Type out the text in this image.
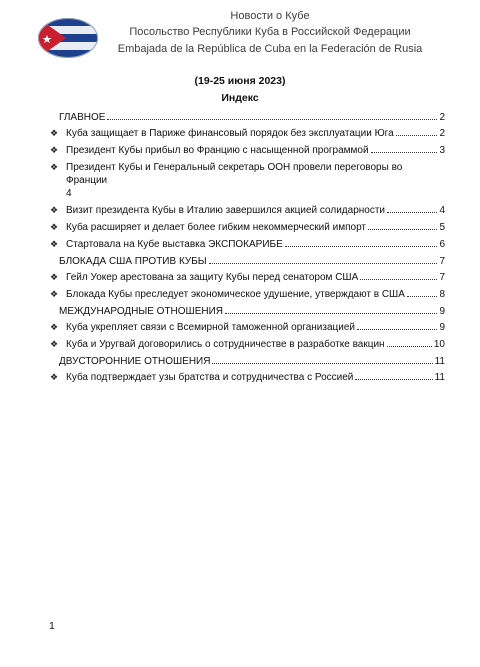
Новости о Кубе
Посольство Республики Куба в Российской Федерации
Embajada de la República de Cuba en la Federación de Rusia
(19-25 июня 2023)
Индекс
ГЛАВНОЕ	2
❖ Куба защищает в Париже финансовый порядок без эксплуатации Юга	2
❖ Президент Кубы прибыл во Францию с насыщенной программой	3
❖ Президент Кубы и Генеральный секретарь ООН провели переговоры во Франции
4
❖ Визит президента Кубы в Италию завершился акцией солидарности	4
❖ Куба расширяет и делает более гибким некоммерческий импорт	5
❖ Стартовала на Кубе выставка ЭКСПОКАРИБЕ	6
БЛОКАДА США ПРОТИВ КУБЫ	7
❖ Гейл Уокер арестована за защиту Кубы перед сенатором США	7
❖ Блокада Кубы преследует экономическое удушение, утверждают в США	8
МЕЖДУНАРОДНЫЕ ОТНОШЕНИЯ	9
❖ Куба укрепляет связи с Всемирной таможенной организацией	9
❖ Куба и Уругвай договорились о сотрудничестве в разработке вакцин	10
ДВУСТОРОННИЕ ОТНОШЕНИЯ	11
❖ Куба подтверждает узы братства и сотрудничества с Россией	11
1
